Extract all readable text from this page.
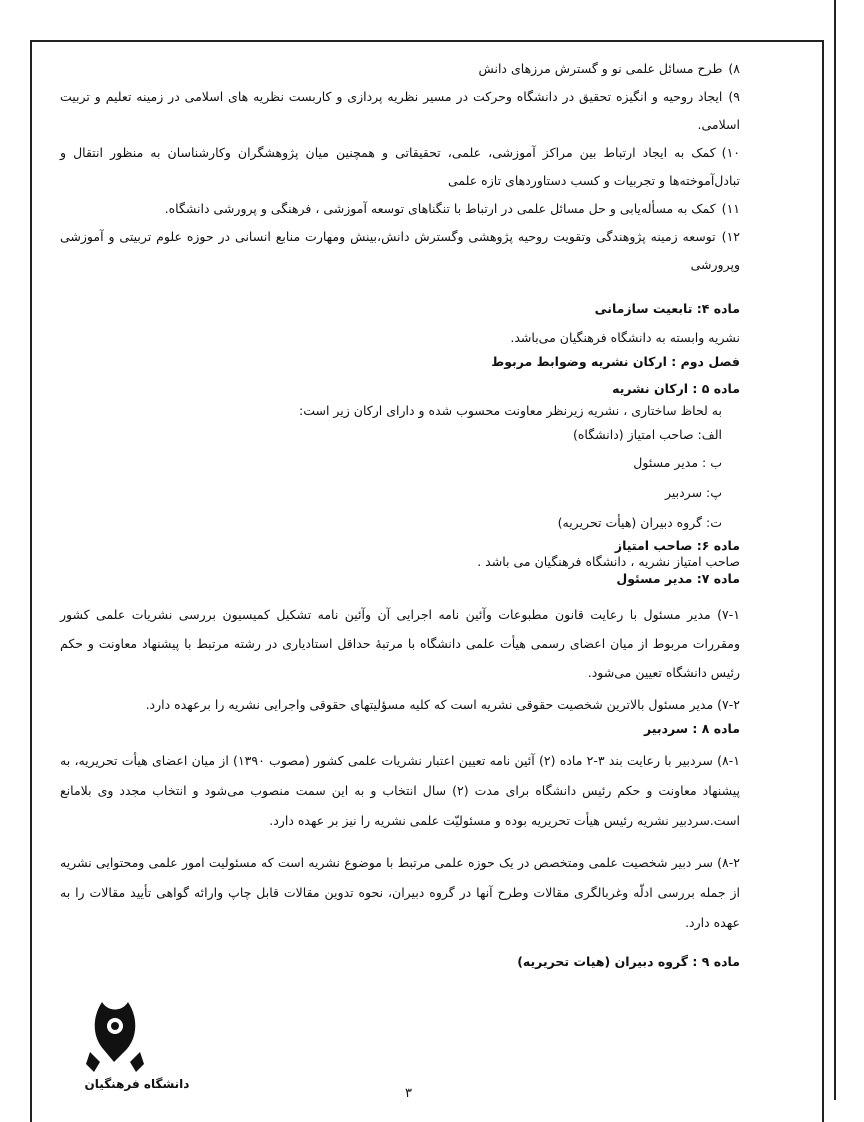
۸)طرح مسائل علمی نو و گسترش مرزهای دانش

۹)ایجاد روحیه و انگیزه تحقیق در دانشگاه وحرکت در مسیر نظریه پردازی و کاربست نظریه های اسلامی در زمینه تعلیم و تربیت اسلامی.

۱۰)کمک به ایجاد ارتباط بین مراکز آموزشی، علمی، تحقیقاتی و همچنین میان پژوهشگران وکارشناسان به منظور انتقال و تبادل‌آموخته‌ها و تجربیات و کسب دستاوردهای تازه علمی

۱۱)کمک به مسأله‌یابی و حل مسائل علمی در ارتباط با تنگناهای توسعه آموزشی ، فرهنگی و پرورشی دانشگاه.

۱۲)توسعه زمینه پژوهندگی وتقویت روحیه پژوهشی وگسترش دانش،بینش ومهارت منابع انسانی در حوزه علوم تربیتی و آموزشی وپرورشی

ماده ۴: تابعیت سازمانی

نشریه وابسته به دانشگاه فرهنگیان می‌باشد.

فصل دوم : ارکان نشریه وضوابط مربوط

ماده ۵ : ارکان نشریه

به لحاظ ساختاری ، نشریه زیرنظر معاونت محسوب شده و دارای ارکان زیر است:

الف: صاحب امتیاز (دانشگاه)

ب : مدیر مسئول

پ: سردبیر

ت: گروه دبیران (هیأت تحریریه)

ماده ۶: صاحب امتیاز

صاحب امتیاز نشریه ، دانشگاه فرهنگیان می باشد .

ماده ۷: مدیر مسئول

۷-۱) مدیر مسئول با رعایت قانون مطبوعات وآئین نامه اجرایی آن وآئین نامه تشکیل کمیسیون بررسی نشریات علمی کشور ومقررات مربوط از میان اعضای رسمی هیأت علمی دانشگاه با مرتبهٔ حداقل استادیاری در رشته مرتبط با پیشنهاد معاونت و حکم رئیس دانشگاه تعیین می‌شود.

۷-۲) مدیر مسئول بالاترین شخصیت حقوقی نشریه است که کلیه مسؤلیتهای حقوقی واجرایی نشریه را برعهده دارد.

ماده ۸ : سردبیر

۸-۱) سردبیر با رعایت بند ۳-۲ ماده (۲) آئین نامه تعیین اعتبار نشریات علمی کشور (مصوب ۱۳۹۰) از میان اعضای هیأت تحریریه، به پیشنهاد معاونت و حکم رئیس دانشگاه برای مدت (۲) سال انتخاب و به این سمت منصوب می‌شود و انتخاب مجدد وی بلامانع است.سردبیر نشریه رئیس هیأت تحریریه بوده و مسئولیّت علمی نشریه را نیز بر عهده دارد.

۸-۲) سر دبیر شخصیت علمی ومتخصص در یک حوزه علمی مرتبط با موضوع نشریه است که مسئولیت امور علمی ومحتوایی نشریه از جمله بررسی ادلّه وغربالگری مقالات وطرح آنها در گروه دبیران، نحوه تدوین مقالات قابل چاپ وارائه گواهی تأیید مقالات را به عهده دارد.

ماده ۹ : گروه دبیران (هیات تحریریه)

دانشگاه فرهنگیان
۳
